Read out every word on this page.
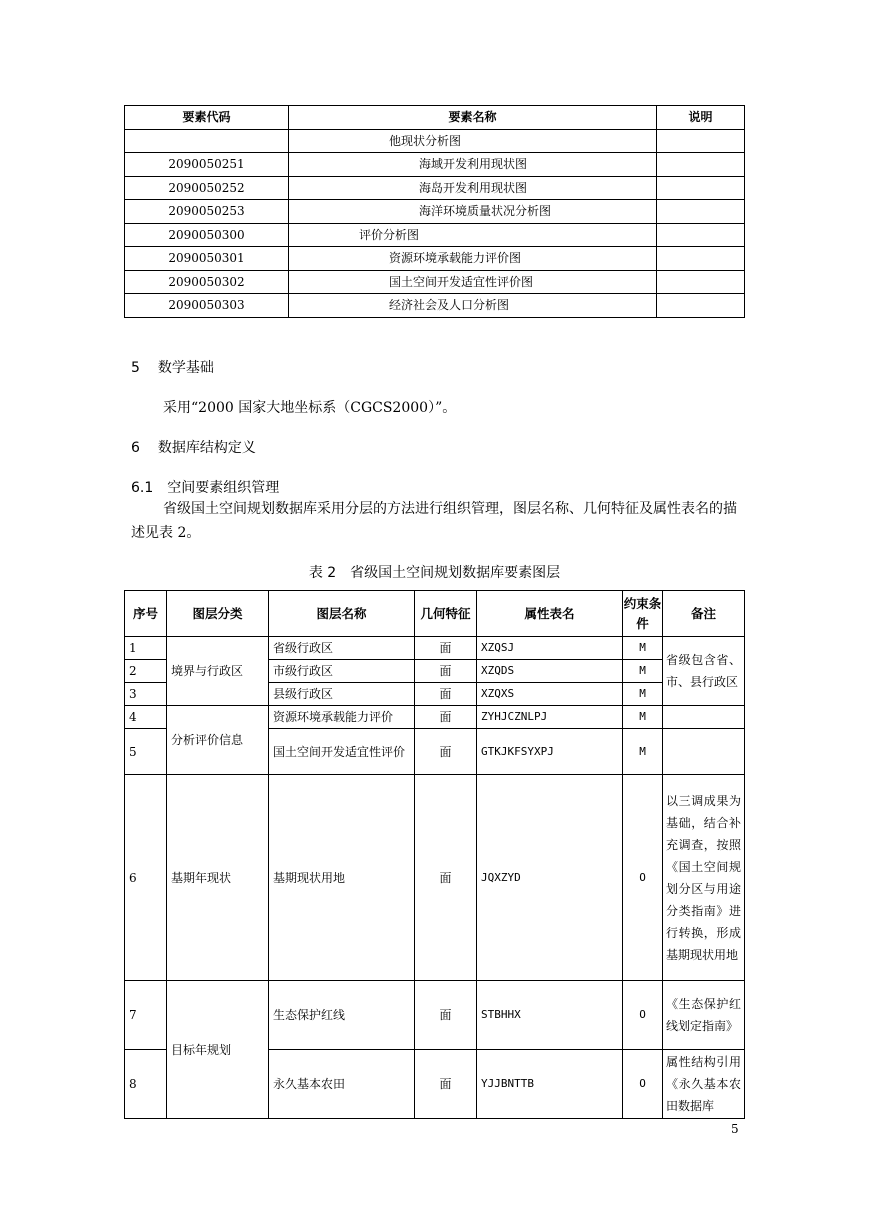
要素代码	要素名称	说明
	他现状分析图	
2090050251	海域开发利用现状图	
2090050252	海岛开发利用现状图	
2090050253	海洋环境质量状况分析图	
2090050300	评价分析图	
2090050301	资源环境承载能力评价图	
2090050302	国土空间开发适宜性评价图	
2090050303	经济社会及人口分析图	
5 数学基础
采用“2000 国家大地坐标系（CGCS2000）”。
6 数据库结构定义
6.1 空间要素组织管理
省级国土空间规划数据库采用分层的方法进行组织管理，图层名称、几何特征及属性表名的描述见表 2。
表 2　省级国土空间规划数据库要素图层
序号	图层分类	图层名称	几何特征	属性表名	约束条件	备注
1	境界与行政区	省级行政区	面	XZQSJ	M	省级包含省、市、县行政区
2		市级行政区	面	XZQDS	M	
3		县级行政区	面	XZQXS	M	
4	分析评价信息	资源环境承载能力评价	面	ZYHJCZNLPJ	M	
5		国土空间开发适宜性评价	面	GTKJKFSYXPJ	M	
6	基期年现状	基期现状用地	面	JQXZYD	O	以三调成果为基础，结合补充调查，按照《国土空间规划分区与用途分类指南》进行转换，形成基期现状用地
7	目标年规划	生态保护红线	面	STBHHX	O	《生态保护红线划定指南》
8		永久基本农田	面	YJJBNTTB	O	属性结构引用《永久基本农田数据库
5
